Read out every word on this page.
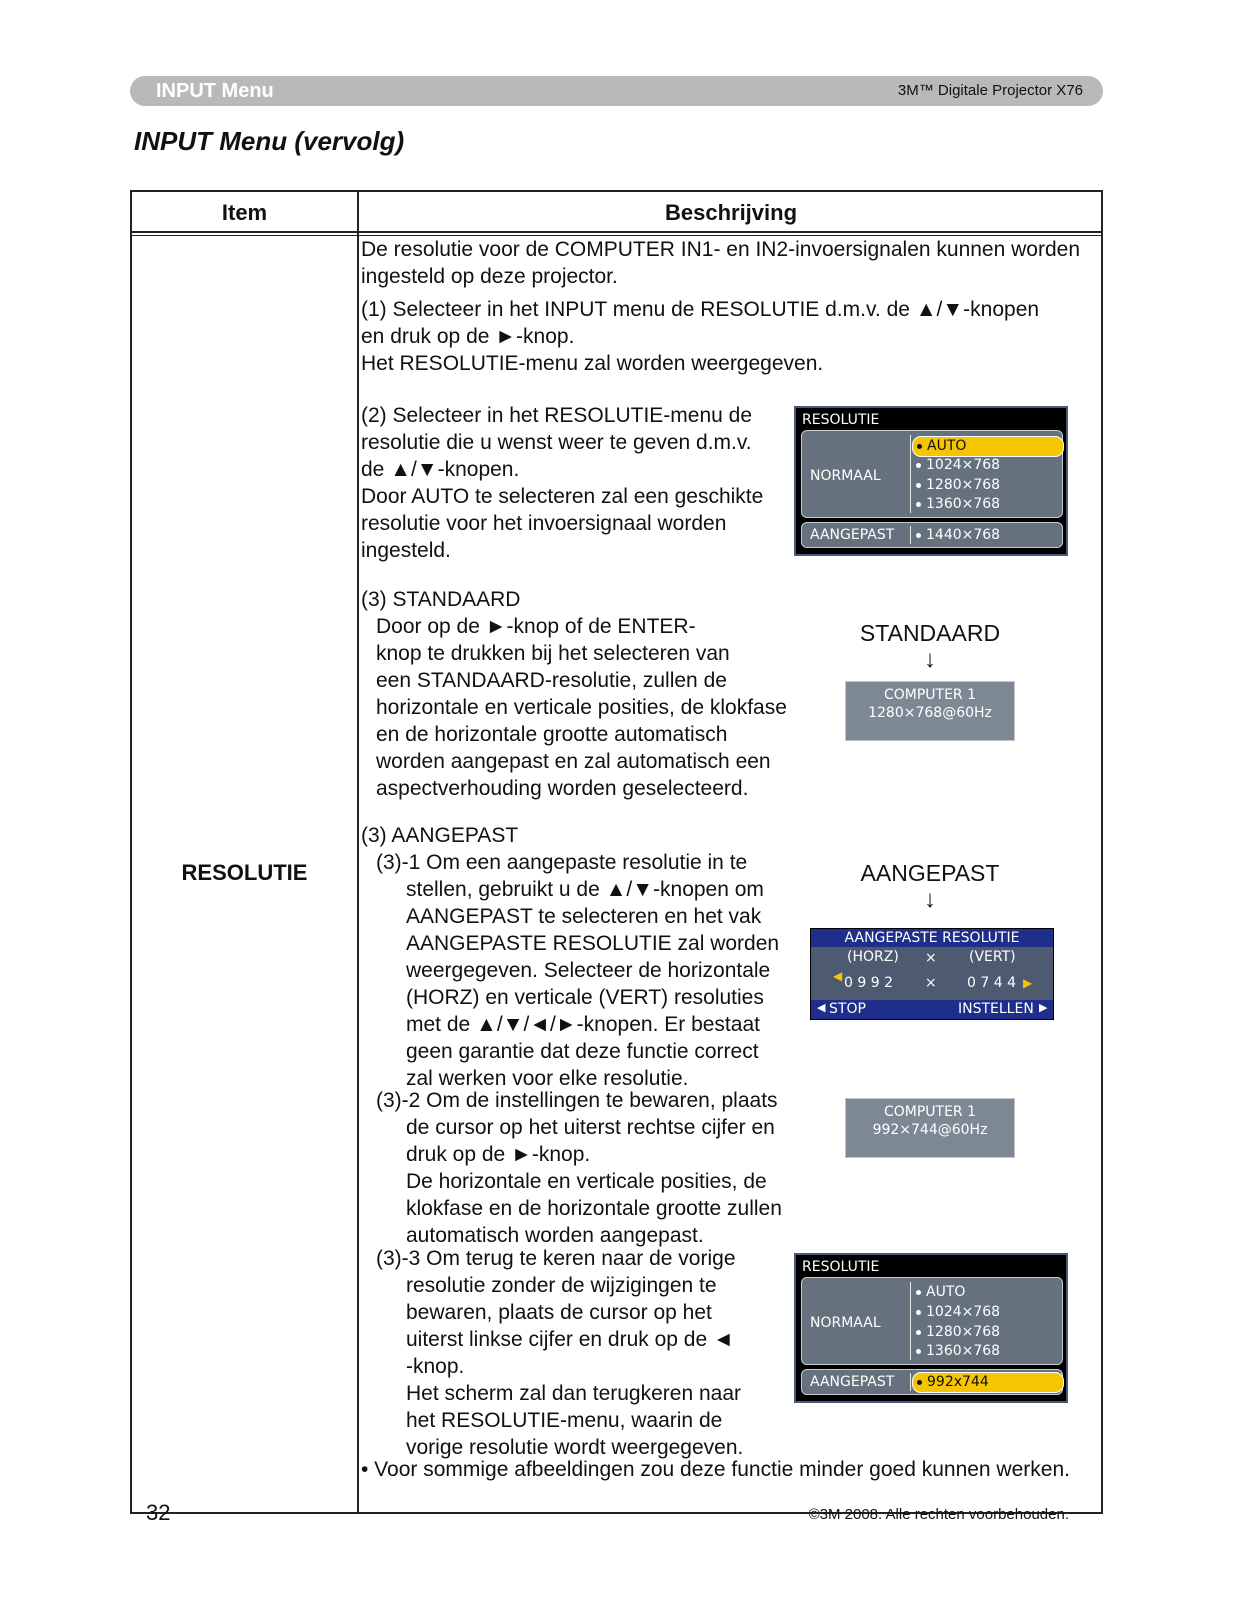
INPUT Menu	3M™ Digitale Projector X76
INPUT Menu (vervolg)
Item	Beschrijving
RESOLUTIE
De resolutie voor de COMPUTER IN1- en IN2-invoersignalen kunnen worden
ingesteld op deze projector.
(1) Selecteer in het INPUT menu de RESOLUTIE d.m.v. de ▲/▼-knopen
en druk op de ►-knop.
Het RESOLUTIE-menu zal worden weergegeven.
(2) Selecteer in het RESOLUTIE-menu de
resolutie die u wenst weer te geven d.m.v.
de ▲/▼-knopen.
Door AUTO te selecteren zal een geschikte
resolutie voor het invoersignaal worden
ingesteld.
(3) STANDAARD
Door op de ►-knop of de ENTER-
knop te drukken bij het selecteren van
een STANDAARD-resolutie, zullen de
horizontale en verticale posities, de klokfase
en de horizontale grootte automatisch
worden aangepast en zal automatisch een
aspectverhouding worden geselecteerd.
(3) AANGEPAST
(3)-1 Om een aangepaste resolutie in te
stellen, gebruikt u de ▲/▼-knopen om
AANGEPAST te selecteren en het vak
AANGEPASTE RESOLUTIE zal worden
weergegeven. Selecteer de horizontale
(HORZ) en verticale (VERT) resoluties
met de ▲/▼/◄/►-knopen. Er bestaat
geen garantie dat deze functie correct
zal werken voor elke resolutie.
(3)-2 Om de instellingen te bewaren, plaats
de cursor op het uiterst rechtse cijfer en
druk op de ►-knop.
De horizontale en verticale posities, de
klokfase en de horizontale grootte zullen
automatisch worden aangepast.
(3)-3 Om terug te keren naar de vorige
resolutie zonder de wijzigingen te
bewaren, plaats de cursor op het
uiterst linkse cijfer en druk op de ◄
-knop.
Het scherm zal dan terugkeren naar
het RESOLUTIE-menu, waarin de
vorige resolutie wordt weergegeven.
• Voor sommige afbeeldingen zou deze functie minder goed kunnen werken.
RESOLUTIE
NORMAAL
AUTO
1024×768
1280×768
1360×768
AANGEPAST	1440×768
STANDAARD
↓
COMPUTER 1
1280×768@60Hz
AANGEPAST
↓
AANGEPASTE RESOLUTIE
(HORZ) × (VERT)
◀ 0 9 9 2 × 0 7 4 4 ▶
◀ STOP	INSTELLEN ▶
COMPUTER 1
992×744@60Hz
RESOLUTIE
NORMAAL
AUTO
1024×768
1280×768
1360×768
AANGEPAST	992x744
32	©3M 2008. Alle rechten voorbehouden.
